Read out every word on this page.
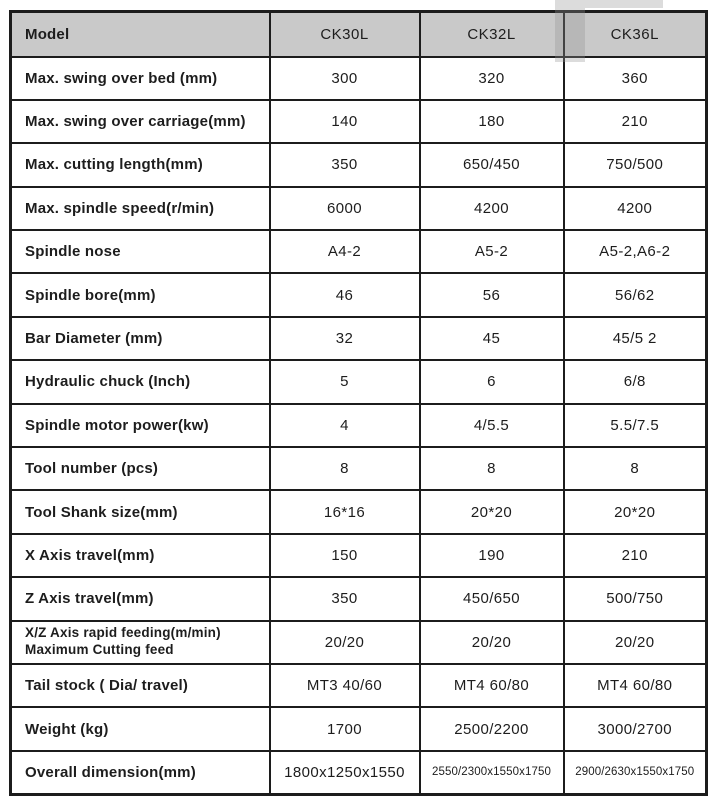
Model	CK30L	CK32L	CK36L
Max. swing over bed (mm)	300	320	360
Max. swing over carriage(mm)	140	180	210
Max. cutting length(mm)	350	650/450	750/500
Max. spindle speed(r/min)	6000	4200	4200
Spindle nose	A4-2	A5-2	A5-2,A6-2
Spindle bore(mm)	46	56	56/62
Bar Diameter (mm)	32	45	45/5 2
Hydraulic chuck (Inch)	5	6	6/8
Spindle motor power(kw)	4	4/5.5	5.5/7.5
Tool number (pcs)	8	8	8
Tool Shank size(mm)	16*16	20*20	20*20
X Axis travel(mm)	150	190	210
Z Axis travel(mm)	350	450/650	500/750

X/Z Axis rapid feeding(m/min)
Maximum Cutting feed	20/20	20/20	20/20
Tail stock ( Dia/ travel)	MT3 40/60	MT4 60/80	MT4 60/80
Weight (kg)	1700	2500/2200	3000/2700
Overall dimension(mm)	1800x1250x1550	2550/2300x1550x1750	2900/2630x1550x1750
